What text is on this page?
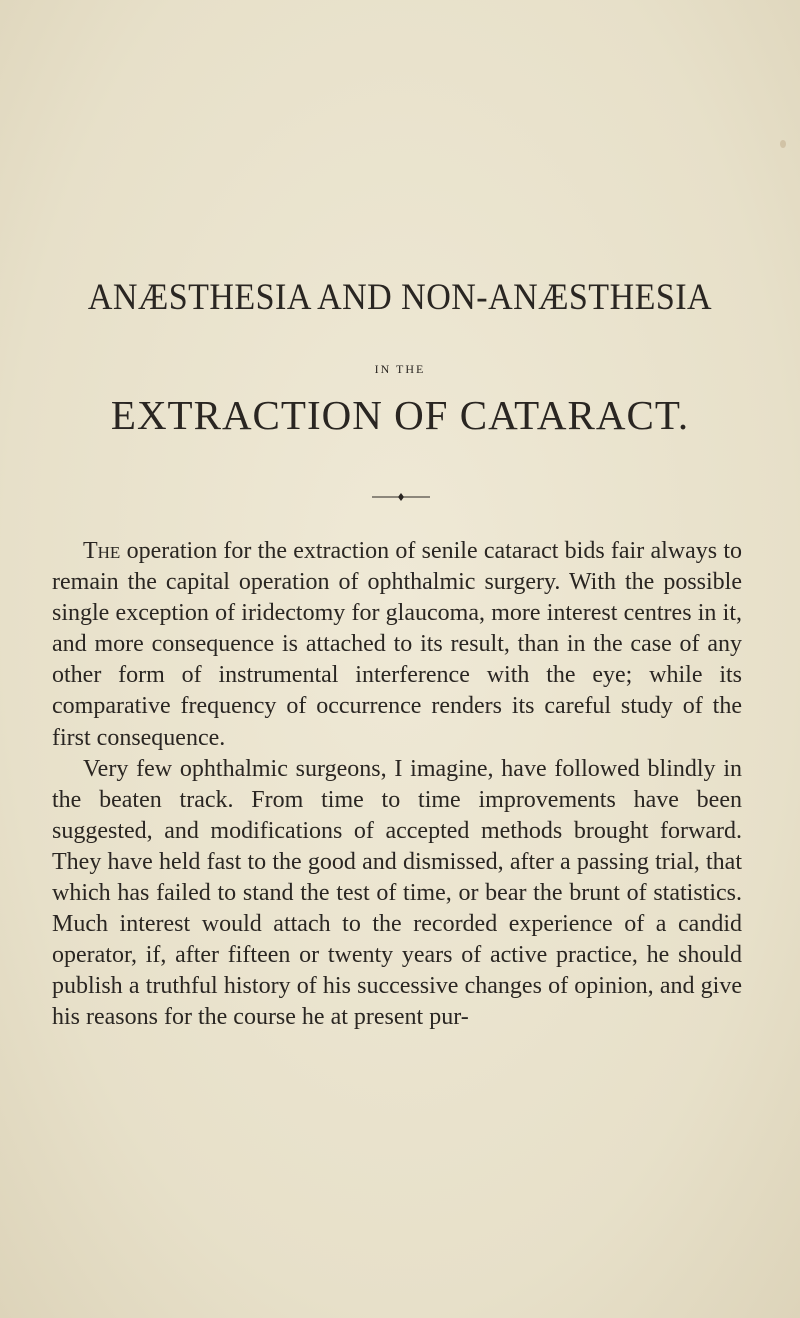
ANÆSTHESIA AND NON-ANÆSTHESIA
IN THE
EXTRACTION OF CATARACT.

The operation for the extraction of senile cataract bids fair always to remain the capital operation of ophthalmic surgery. With the possible single exception of iridectomy for glaucoma, more interest centres in it, and more consequence is attached to its result, than in the case of any other form of instrumental interference with the eye; while its comparative frequency of occurrence renders its careful study of the first consequence.

Very few ophthalmic surgeons, I imagine, have followed blindly in the beaten track. From time to time improvements have been suggested, and modifications of accepted methods brought forward. They have held fast to the good and dismissed, after a passing trial, that which has failed to stand the test of time, or bear the brunt of statistics. Much interest would attach to the recorded experience of a candid operator, if, after fifteen or twenty years of active practice, he should publish a truthful history of his successive changes of opinion, and give his reasons for the course he at present pur-
